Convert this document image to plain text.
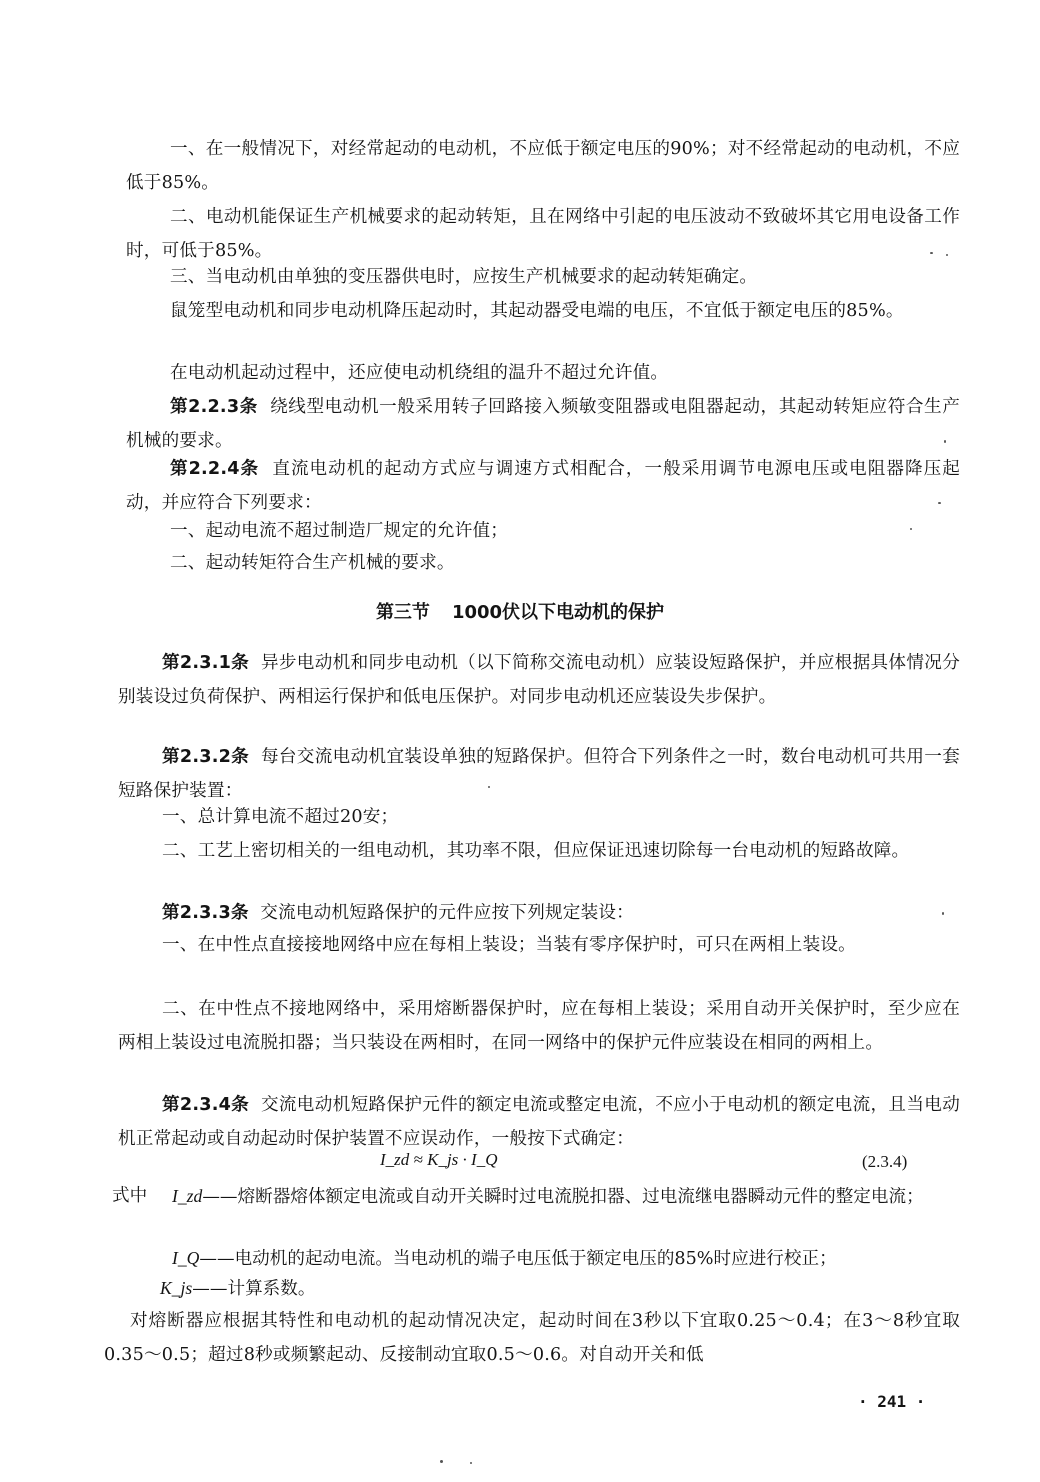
一、在一般情况下，对经常起动的电动机，不应低于额定电压的90%；对不经常起动的电动机，不应低于85%。

二、电动机能保证生产机械要求的起动转矩，且在网络中引起的电压波动不致破坏其它用电设备工作时，可低于85%。

三、当电动机由单独的变压器供电时，应按生产机械要求的起动转矩确定。

鼠笼型电动机和同步电动机降压起动时，其起动器受电端的电压，不宜低于额定电压的85%。

在电动机起动过程中，还应使电动机绕组的温升不超过允许值。

第2.2.3条 绕线型电动机一般采用转子回路接入频敏变阻器或电阻器起动，其起动转矩应符合生产机械的要求。

第2.2.4条 直流电动机的起动方式应与调速方式相配合，一般采用调节电源电压或电阻器降压起动，并应符合下列要求：

一、起动电流不超过制造厂规定的允许值；

二、起动转矩符合生产机械的要求。

第三节 1000伏以下电动机的保护

第2.3.1条 异步电动机和同步电动机（以下简称交流电动机）应装设短路保护，并应根据具体情况分别装设过负荷保护、两相运行保护和低电压保护。对同步电动机还应装设失步保护。

第2.3.2条 每台交流电动机宜装设单独的短路保护。但符合下列条件之一时，数台电动机可共用一套短路保护装置：

一、总计算电流不超过20安；

二、工艺上密切相关的一组电动机，其功率不限，但应保证迅速切除每一台电动机的短路故障。

第2.3.3条 交流电动机短路保护的元件应按下列规定装设：

一、在中性点直接接地网络中应在每相上装设；当装有零序保护时，可只在两相上装设。

二、在中性点不接地网络中，采用熔断器保护时，应在每相上装设；采用自动开关保护时，至少应在两相上装设过电流脱扣器；当只装设在两相时，在同一网络中的保护元件应装设在相同的两相上。

第2.3.4条 交流电动机短路保护元件的额定电流或整定电流，不应小于电动机的额定电流，且当电动机正常起动或自动起动时保护装置不应误动作，一般按下式确定：

I_zd ≈ K_js · I_Q	(2.3.4)

式中 I_zd——熔断器熔体额定电流或自动开关瞬时过电流脱扣器、过电流继电器瞬动元件的整定电流；

I_Q——电动机的起动电流。当电动机的端子电压低于额定电压的85%时应进行校正；

K_js——计算系数。

对熔断器应根据其特性和电动机的起动情况决定，起动时间在3秒以下宜取0.25～0.4；在3～8秒宜取0.35～0.5；超过8秒或频繁起动、反接制动宜取0.5～0.6。对自动开关和低

· 241 ·
